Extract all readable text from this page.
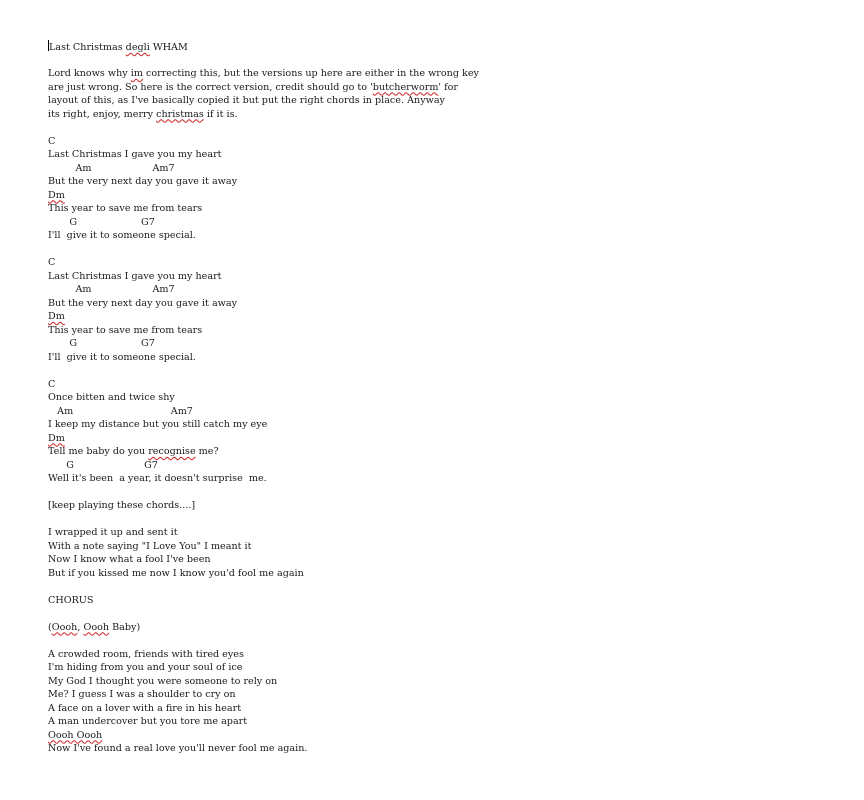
Last Christmas degli WHAM
Lord knows why im correcting this, but the versions up here are either in the wrong key
are just wrong. So here is the correct version, credit should go to 'butcherworm' for
layout of this, as I've basically copied it but put the right chords in place. Anyway
its right, enjoy, merry christmas if it is.
C
Last Christmas I gave you my heart
Am                    Am7
But the very next day you gave it away
Dm
This year to save me from tears
G                     G7
I'll  give it to someone special.
C
Last Christmas I gave you my heart
Am                    Am7
But the very next day you gave it away
Dm
This year to save me from tears
G                     G7
I'll  give it to someone special.
C
Once bitten and twice shy
Am                                Am7
I keep my distance but you still catch my eye
Dm
Tell me baby do you recognise me?
G                       G7
Well it's been  a year, it doesn't surprise  me.
[keep playing these chords....]
I wrapped it up and sent it
With a note saying "I Love You" I meant it
Now I know what a fool I've been
But if you kissed me now I know you'd fool me again
CHORUS
(Oooh, Oooh Baby)
A crowded room, friends with tired eyes
I'm hiding from you and your soul of ice
My God I thought you were someone to rely on
Me? I guess I was a shoulder to cry on
A face on a lover with a fire in his heart
A man undercover but you tore me apart
Oooh Oooh
Now I've found a real love you'll never fool me again.
